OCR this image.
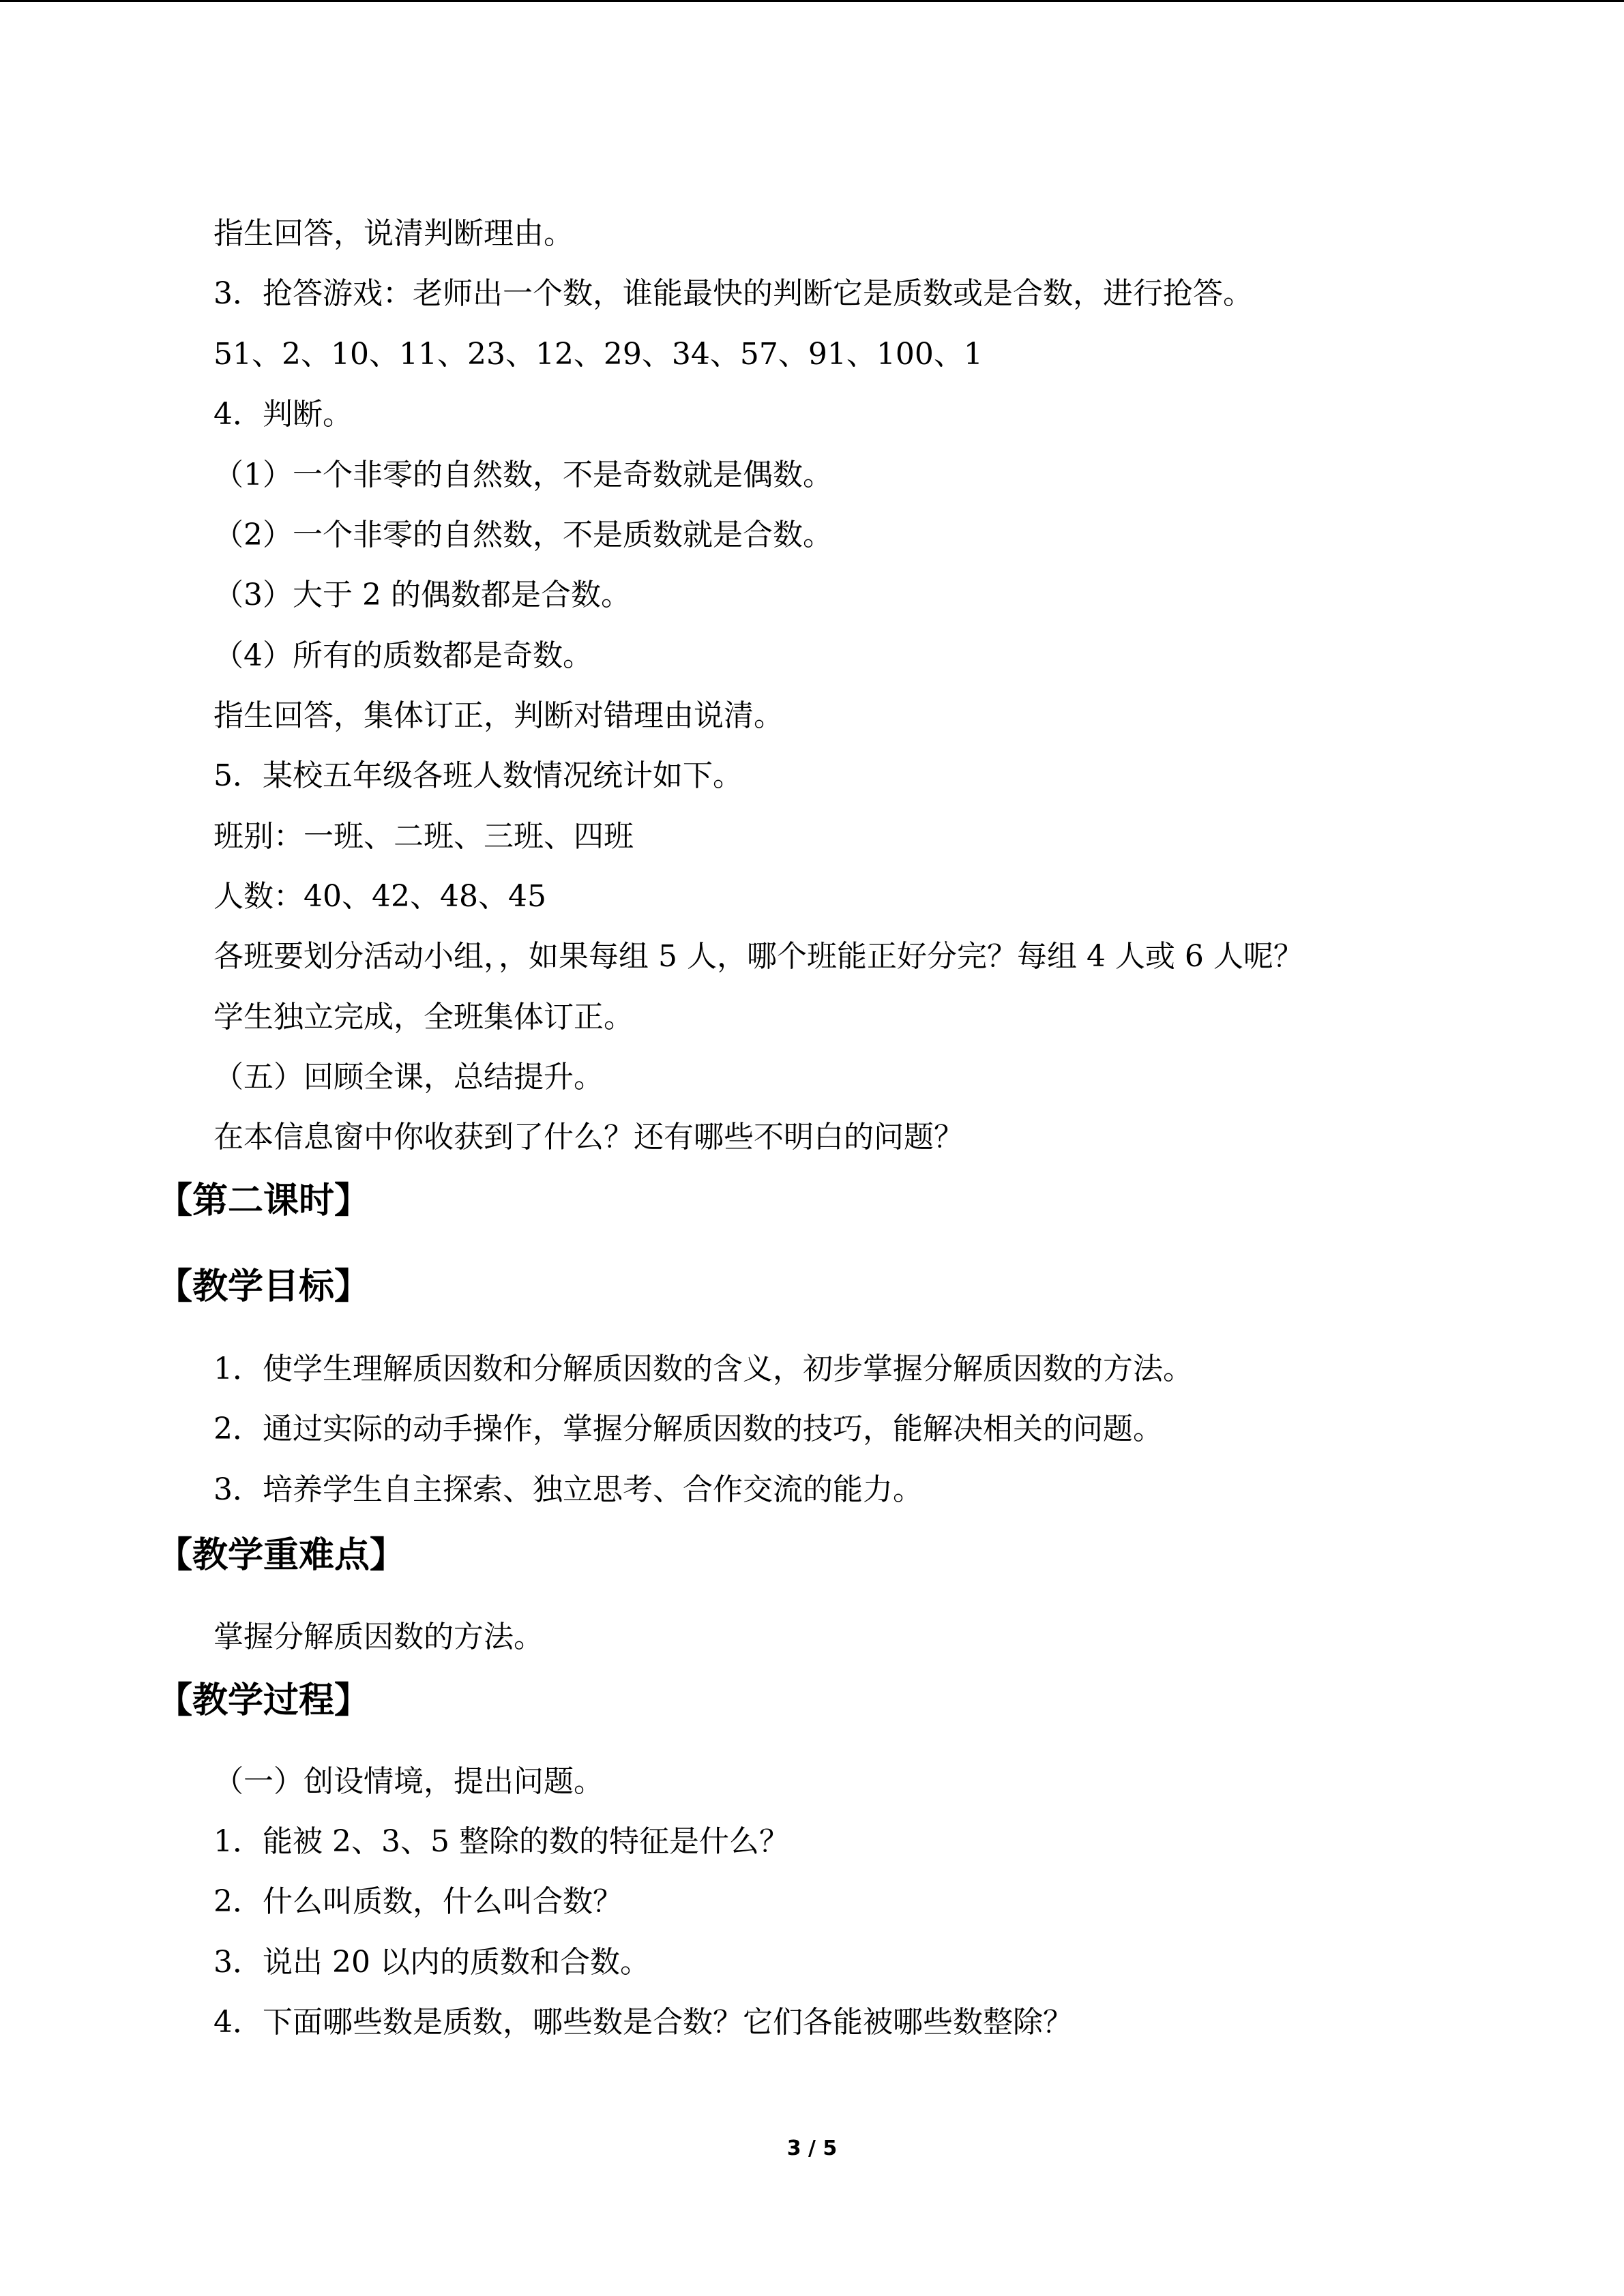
指生回答，说清判断理由。
3．抢答游戏：老师出一个数，谁能最快的判断它是质数或是合数，进行抢答。
51、2、10、11、23、12、29、34、57、91、100、1
4．判断。
（1）一个非零的自然数，不是奇数就是偶数。
（2）一个非零的自然数，不是质数就是合数。
（3）大于 2 的偶数都是合数。
（4）所有的质数都是奇数。
指生回答，集体订正，判断对错理由说清。
5．某校五年级各班人数情况统计如下。
班别：一班、二班、三班、四班
人数：40、42、48、45
各班要划分活动小组，，如果每组 5 人，哪个班能正好分完？每组 4 人或 6 人呢？
学生独立完成，全班集体订正。
（五）回顾全课，总结提升。
在本信息窗中你收获到了什么？还有哪些不明白的问题？
【第二课时】
【教学目标】
1．使学生理解质因数和分解质因数的含义，初步掌握分解质因数的方法。
2．通过实际的动手操作，掌握分解质因数的技巧，能解决相关的问题。
3．培养学生自主探索、独立思考、合作交流的能力。
【教学重难点】
掌握分解质因数的方法。
【教学过程】
（一）创设情境，提出问题。
1．能被 2、3、5 整除的数的特征是什么？
2．什么叫质数，什么叫合数？
3．说出 20 以内的质数和合数。
4．下面哪些数是质数，哪些数是合数？它们各能被哪些数整除？
3 / 5
